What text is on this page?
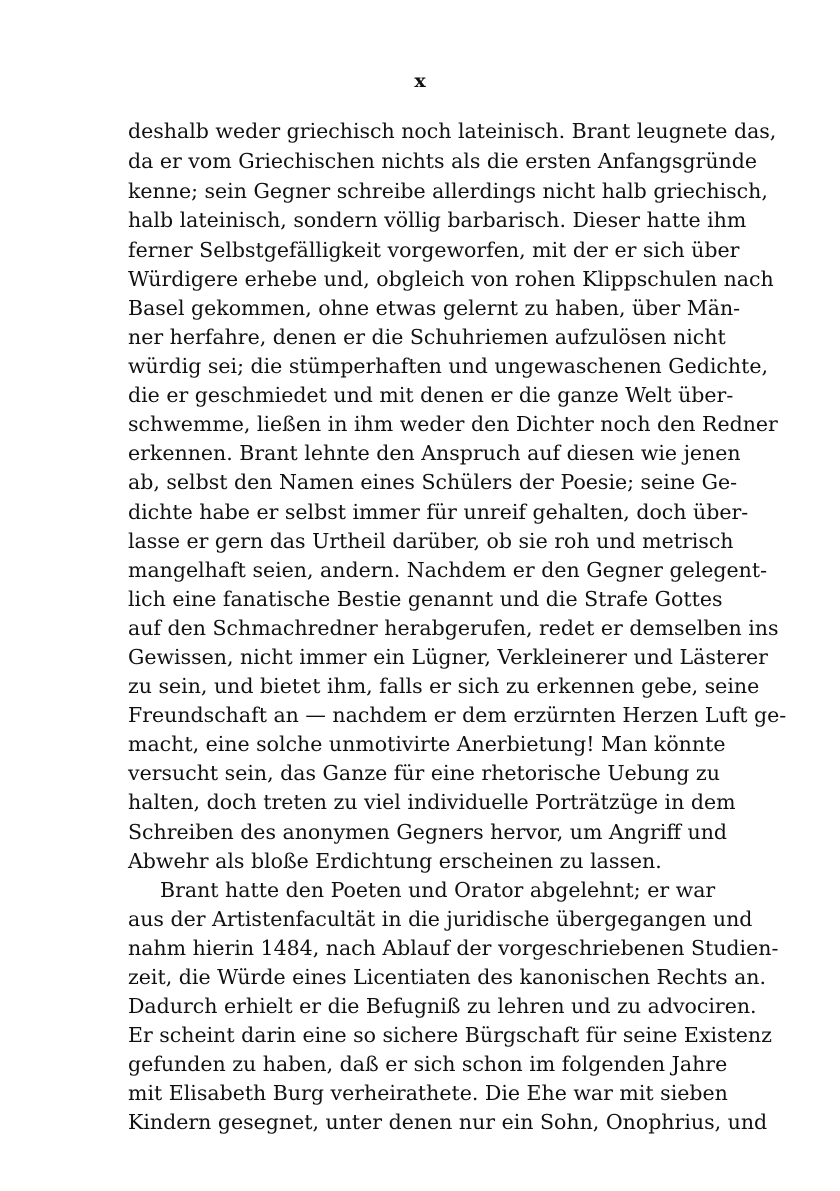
x
deshalb weder griechisch noch lateinisch. Brant leugnete das,
da er vom Griechischen nichts als die ersten Anfangsgründe
kenne; sein Gegner schreibe allerdings nicht halb griechisch,
halb lateinisch, sondern völlig barbarisch. Dieser hatte ihm
ferner Selbstgefälligkeit vorgeworfen, mit der er sich über
Würdigere erhebe und, obgleich von rohen Klippschulen nach
Basel gekommen, ohne etwas gelernt zu haben, über Män-
ner herfahre, denen er die Schuhriemen aufzulösen nicht
würdig sei; die stümperhaften und ungewaschenen Gedichte,
die er geschmiedet und mit denen er die ganze Welt über-
schwemme, ließen in ihm weder den Dichter noch den Redner
erkennen. Brant lehnte den Anspruch auf diesen wie jenen
ab, selbst den Namen eines Schülers der Poesie; seine Ge-
dichte habe er selbst immer für unreif gehalten, doch über-
lasse er gern das Urtheil darüber, ob sie roh und metrisch
mangelhaft seien, andern. Nachdem er den Gegner gelegent-
lich eine fanatische Bestie genannt und die Strafe Gottes
auf den Schmachredner herabgerufen, redet er demselben ins
Gewissen, nicht immer ein Lügner, Verkleinerer und Lästerer
zu sein, und bietet ihm, falls er sich zu erkennen gebe, seine
Freundschaft an — nachdem er dem erzürnten Herzen Luft ge-
macht, eine solche unmotivirte Anerbietung! Man könnte
versucht sein, das Ganze für eine rhetorische Uebung zu
halten, doch treten zu viel individuelle Porträtzüge in dem
Schreiben des anonymen Gegners hervor, um Angriff und
Abwehr als bloße Erdichtung erscheinen zu lassen.
Brant hatte den Poeten und Orator abgelehnt; er war
aus der Artistenfacultät in die juridische übergegangen und
nahm hierin 1484, nach Ablauf der vorgeschriebenen Studien-
zeit, die Würde eines Licentiaten des kanonischen Rechts an.
Dadurch erhielt er die Befugniß zu lehren und zu advociren.
Er scheint darin eine so sichere Bürgschaft für seine Existenz
gefunden zu haben, daß er sich schon im folgenden Jahre
mit Elisabeth Burg verheirathete. Die Ehe war mit sieben
Kindern gesegnet, unter denen nur ein Sohn, Onophrius, und
